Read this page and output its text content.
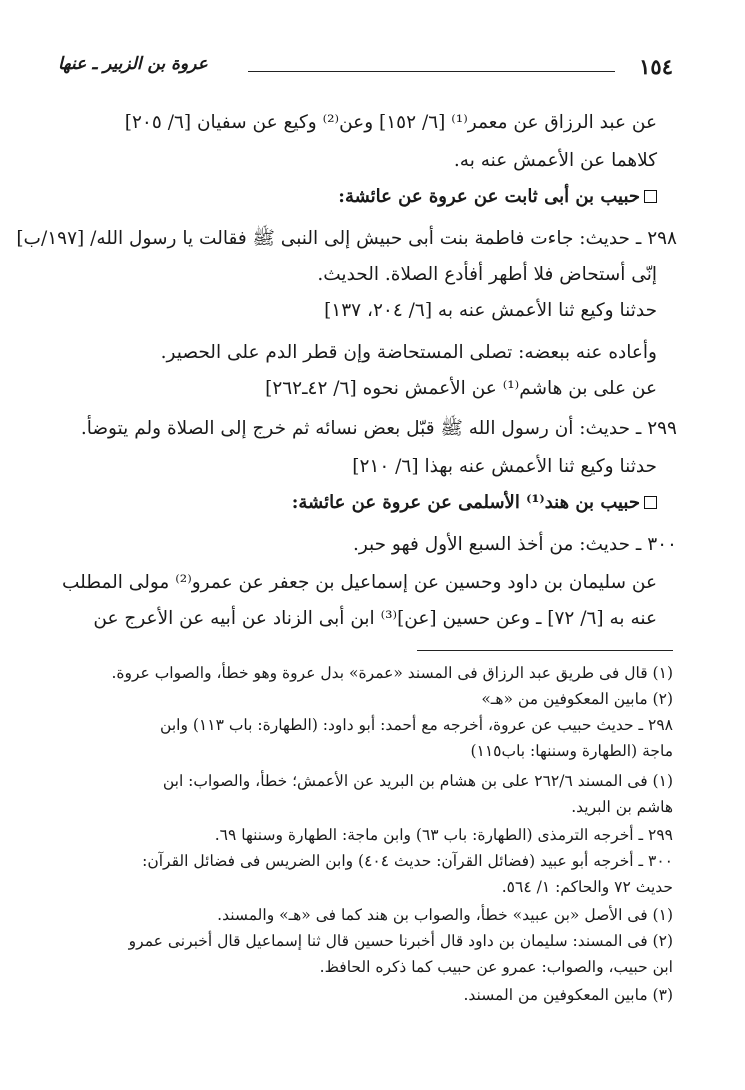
١٥٤
عروة بن الزبير ـ عنها
عن عبد الرزاق عن معمر⁽¹⁾ [٦/ ١٥٢] وعن⁽²⁾ وكيع عن سفيان [٦/ ٢٠٥]
كلاهما عن الأعمش عنه به.
حبيب بن أبى ثابت عن عروة عن عائشة:
٢٩٨ ـ حديث: جاءت فاطمة بنت أبى حبيش إلى النبى ﷺ فقالت يا رسول الله/ [١٩٧/ب]
إنّى أستحاض فلا أطهر أفأدع الصلاة. الحديث.
حدثنا وكيع ثنا الأعمش عنه به [٦/ ٢٠٤، ١٣٧]
وأعاده عنه ببعضه: تصلى المستحاضة وإن قطر الدم على الحصير.
عن على بن هاشم⁽¹⁾ عن الأعمش نحوه [٦/ ٤٢ـ٢٦٢]
٢٩٩ ـ حديث: أن رسول الله ﷺ قبّل بعض نسائه ثم خرج إلى الصلاة ولم يتوضأ.
حدثنا وكيع ثنا الأعمش عنه بهذا [٦/ ٢١٠]
حبيب بن هند⁽¹⁾ الأسلمى عن عروة عن عائشة:
٣٠٠ ـ حديث: من أخذ السبع الأول فهو حبر.
عن سليمان بن داود وحسين عن إسماعيل بن جعفر عن عمرو⁽²⁾ مولى المطلب
عنه به [٦/ ٧٢] ـ وعن حسين [عن]⁽³⁾ ابن أبى الزناد عن أبيه عن الأعرج عن
(١) قال فى طريق عبد الرزاق فى المسند «عمرة» بدل عروة وهو خطأ، والصواب عروة.
(٢) مابين المعكوفين من «هـ»
٢٩٨ ـ حديث حبيب عن عروة، أخرجه مع أحمد: أبو داود: (الطهارة: باب ١١٣) وابن
ماجة (الطهارة وسننها: باب١١٥)
(١) فى المسند ٢٦٢/٦ على بن هشام بن البريد عن الأعمش؛ خطأ، والصواب: ابن
هاشم بن البريد.
٢٩٩ ـ أخرجه الترمذى (الطهارة: باب ٦٣) وابن ماجة: الطهارة وسننها ٦٩.
٣٠٠ ـ أخرجه أبو عبيد (فضائل القرآن: حديث ٤٠٤) وابن الضريس فى فضائل القرآن:
حديث ٧٢ والحاكم: ١/ ٥٦٤.
(١) فى الأصل «بن عبيد» خطأ، والصواب بن هند كما فى «هـ» والمسند.
(٢) فى المسند: سليمان بن داود قال أخبرنا حسين قال ثنا إسماعيل قال أخبرنى عمرو
ابن حبيب، والصواب: عمرو عن حبيب كما ذكره الحافظ.
(٣) مابين المعكوفين من المسند.
